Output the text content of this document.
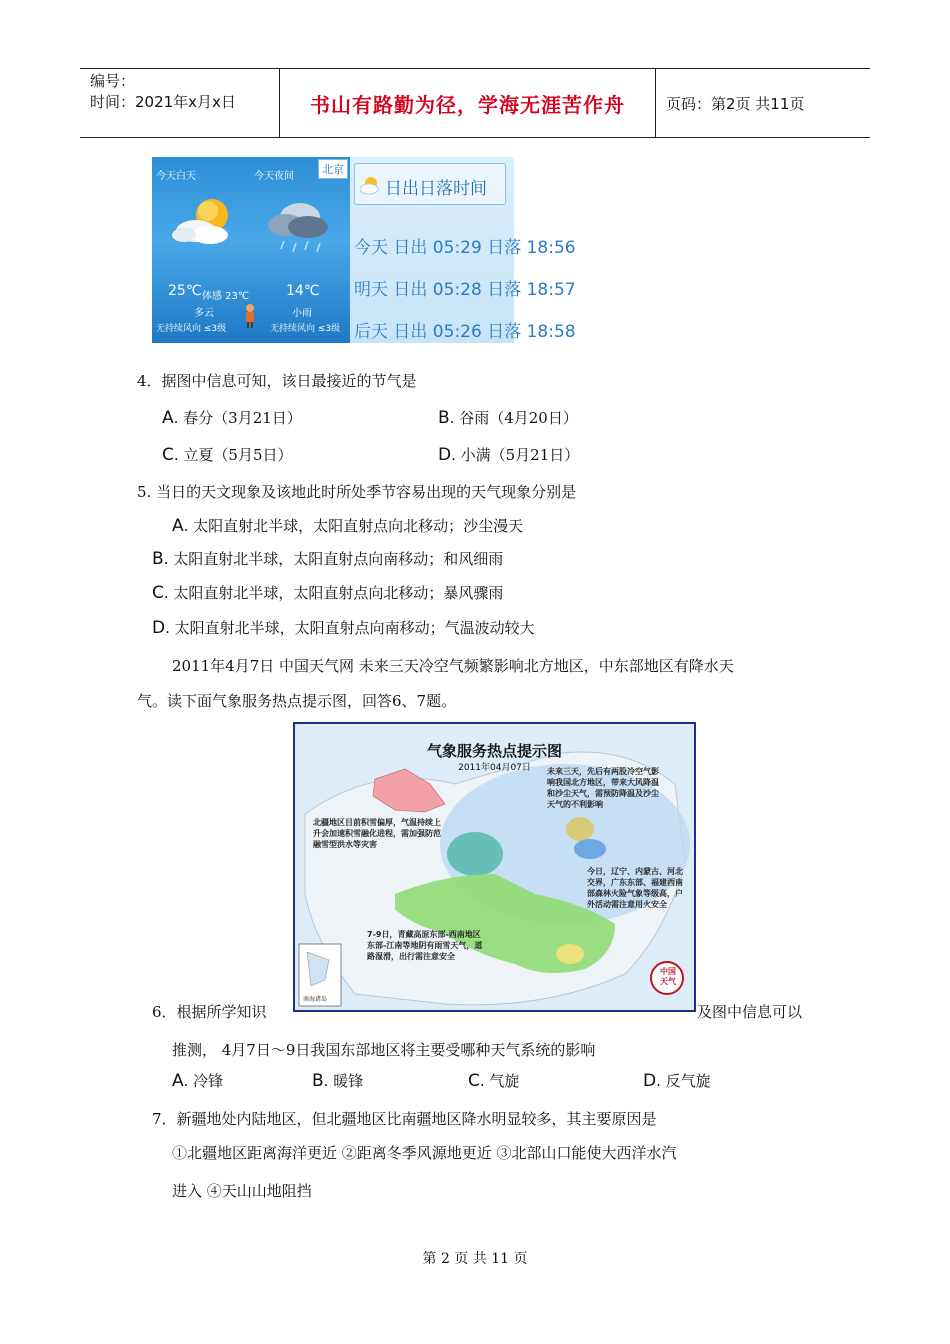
编号：
时间：2021年x月x日	书山有路勤为径，学海无涯苦作舟	页码：第2页 共11页
今天白天	今天夜间
北京
25℃ 体感 23℃
多云
无持续风向 ≤3级
14℃
小雨
无持续风向 ≤3级
日出日落时间
今天 日出 05:29 日落 18:56
明天 日出 05:28 日落 18:57
后天 日出 05:26 日落 18:58
4．据图中信息可知，该日最接近的节气是
A. 春分（3月21日）	B. 谷雨（4月20日）
C. 立夏（5月5日）	D. 小满（5月21日）
5. 当日的天文现象及该地此时所处季节容易出现的天气现象分别是
A. 太阳直射北半球，太阳直射点向北移动；沙尘漫天
B. 太阳直射北半球，太阳直射点向南移动；和风细雨
C. 太阳直射北半球，太阳直射点向北移动；暴风骤雨
D. 太阳直射北半球，太阳直射点向南移动；气温波动较大
2011年4月7日 中国天气网 未来三天冷空气频繁影响北方地区，中东部地区有降水天
气。读下面气象服务热点提示图，回答6、7题。
气象服务热点提示图
2011年04月07日	未来三天，先后有两股冷空气影响我国北方地区，带来大风降温和沙尘天气，需预防降温及沙尘天气的不利影响
北疆地区目前积雪偏厚，气温持续上升会加速积雪融化进程，需加强防范融雪型洪水等灾害
今日，辽宁、内蒙古、河北交界，广东东部、福建西南部森林火险气象等级高，户外活动需注意用火安全
7-9日，青藏高原东部-西南地区东部-江南等地阴有雨雪天气，道路湿滑，出行需注意安全
南海诸岛
中国天气
6．根据所学知识	及图中信息可以
推测， 4月7日～9日我国东部地区将主要受哪种天气系统的影响
A. 冷锋	B. 暖锋	C. 气旋	D. 反气旋
7．新疆地处内陆地区，但北疆地区比南疆地区降水明显较多，其主要原因是
①北疆地区距离海洋更近 ②距离冬季风源地更近 ③北部山口能使大西洋水汽
进入 ④天山山地阻挡
第 2 页 共 11 页
